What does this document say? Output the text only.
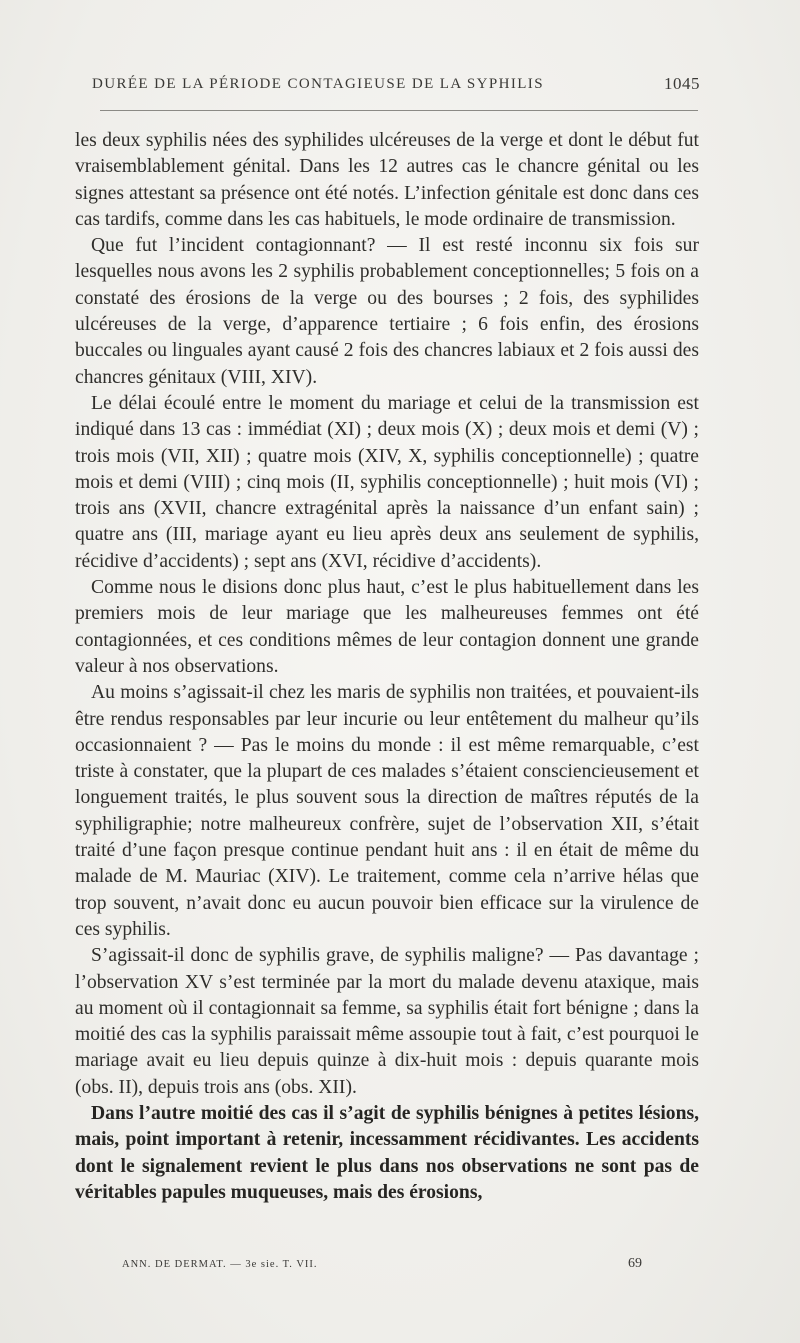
DURÉE DE LA PÉRIODE CONTAGIEUSE DE LA SYPHILIS	1045

les deux syphilis nées des syphilides ulcéreuses de la verge et dont le début fut vraisemblablement génital. Dans les 12 autres cas le chancre génital ou les signes attestant sa présence ont été notés. L’infection génitale est donc dans ces cas tardifs, comme dans les cas habituels, le mode ordinaire de transmission.

Que fut l’incident contagionnant? — Il est resté inconnu six fois sur lesquelles nous avons les 2 syphilis probablement conceptionnelles; 5 fois on a constaté des érosions de la verge ou des bourses ; 2 fois, des syphilides ulcéreuses de la verge, d’apparence tertiaire ; 6 fois enfin, des érosions buccales ou linguales ayant causé 2 fois des chancres labiaux et 2 fois aussi des chancres génitaux (VIII, XIV).

Le délai écoulé entre le moment du mariage et celui de la transmission est indiqué dans 13 cas : immédiat (XI) ; deux mois (X) ; deux mois et demi (V) ; trois mois (VII, XII) ; quatre mois (XIV, X, syphilis conceptionnelle) ; quatre mois et demi (VIII) ; cinq mois (II, syphilis conceptionnelle) ; huit mois (VI) ; trois ans (XVII, chancre extragénital après la naissance d’un enfant sain) ; quatre ans (III, mariage ayant eu lieu après deux ans seulement de syphilis, récidive d’accidents) ; sept ans (XVI, récidive d’accidents).

Comme nous le disions donc plus haut, c’est le plus habituellement dans les premiers mois de leur mariage que les malheureuses femmes ont été contagionnées, et ces conditions mêmes de leur contagion donnent une grande valeur à nos observations.

Au moins s’agissait-il chez les maris de syphilis non traitées, et pouvaient-ils être rendus responsables par leur incurie ou leur entêtement du malheur qu’ils occasionnaient ? — Pas le moins du monde : il est même remarquable, c’est triste à constater, que la plupart de ces malades s’étaient consciencieusement et longuement traités, le plus souvent sous la direction de maîtres réputés de la syphiligraphie; notre malheureux confrère, sujet de l’observation XII, s’était traité d’une façon presque continue pendant huit ans : il en était de même du malade de M. Mauriac (XIV). Le traitement, comme cela n’arrive hélas que trop souvent, n’avait donc eu aucun pouvoir bien efficace sur la virulence de ces syphilis.

S’agissait-il donc de syphilis grave, de syphilis maligne? — Pas davantage ; l’observation XV s’est terminée par la mort du malade devenu ataxique, mais au moment où il contagionnait sa femme, sa syphilis était fort bénigne ; dans la moitié des cas la syphilis paraissait même assoupie tout à fait, c’est pourquoi le mariage avait eu lieu depuis quinze à dix-huit mois : depuis quarante mois (obs. II), depuis trois ans (obs. XII).

Dans l’autre moitié des cas il s’agit de syphilis bénignes à petites lésions, mais, point important à retenir, incessamment récidivantes. Les accidents dont le signalement revient le plus dans nos observations ne sont pas de véritables papules muqueuses, mais des érosions,

ANN. DE DERMAT. — 3e sie. T. VII.	69
